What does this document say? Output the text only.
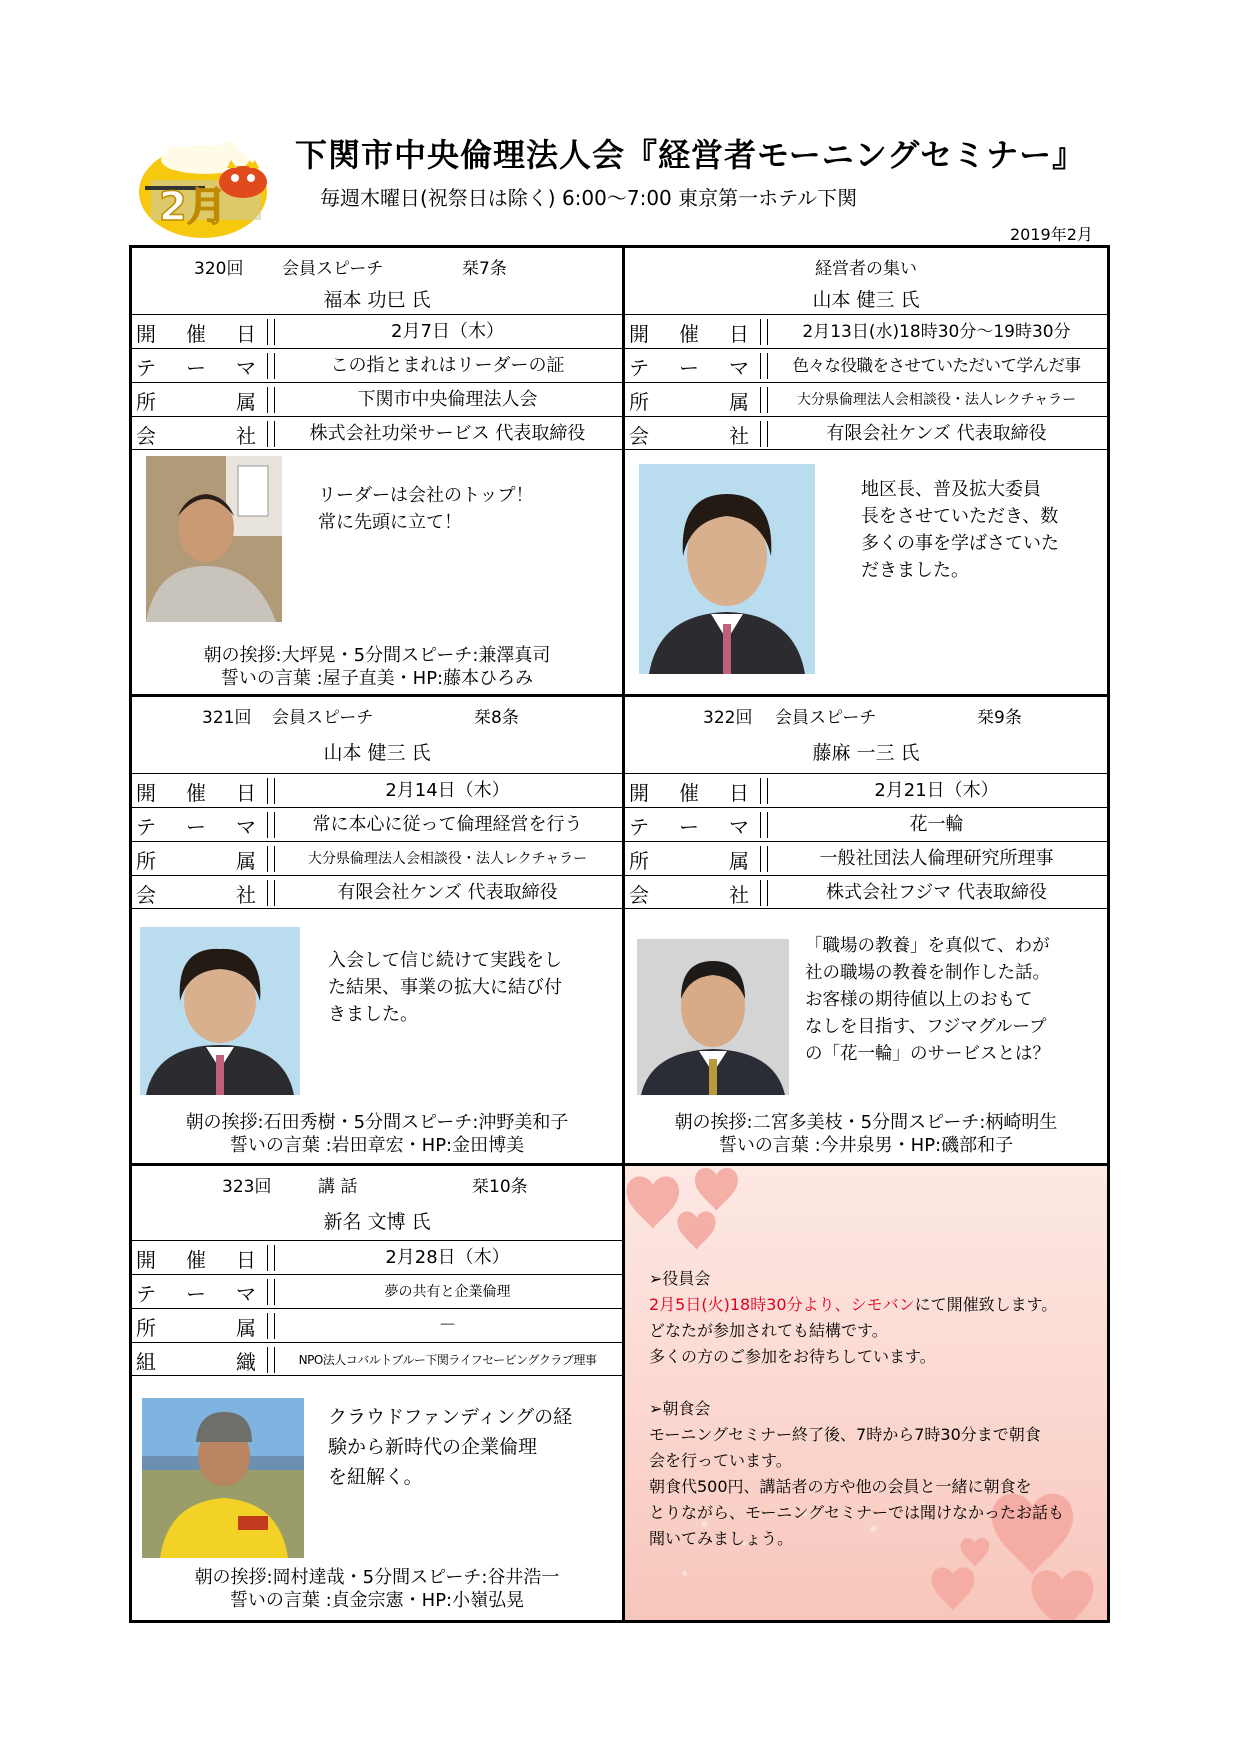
2月
下関市中央倫理法人会『経営者モーニングセミナー』
毎週木曜日(祝祭日は除く) 6:00～7:00 東京第一ホテル下関
2019年2月
320回 会員スピーチ	栞7条
福本 功巳 氏
開 催 日	2月7日（木）
テ ー マ	この指とまれはリーダーの証
所	属	下関市中央倫理法人会
会	社	株式会社功栄サービス 代表取締役
リーダーは会社のトップ！
常に先頭に立て！
朝の挨拶:大坪晃・5分間スピーチ:兼澤真司
誓いの言葉 :屋子直美・HP:藤本ひろみ
経営者の集い
山本 健三 氏
開 催 日	2月13日(水)18時30分～19時30分
テ ー マ	色々な役職をさせていただいて学んだ事
所	属	大分県倫理法人会相談役・法人レクチャラー
会	社	有限会社ケンズ 代表取締役
地区長、普及拡大委員
長をさせていただき、数
多くの事を学ばさていた
だきました。
321回 会員スピーチ	栞8条
山本 健三 氏
開 催 日	2月14日（木）
テ ー マ	常に本心に従って倫理経営を行う
所	属	大分県倫理法人会相談役・法人レクチャラー
会	社	有限会社ケンズ 代表取締役
入会して信じ続けて実践をし
た結果、事業の拡大に結び付
きました。
朝の挨拶:石田秀樹・5分間スピーチ:沖野美和子
誓いの言葉 :岩田章宏・HP:金田博美
322回 会員スピーチ	栞9条
藤麻 一三 氏
開 催 日	2月21日（木）
テ ー マ	花一輪
所	属	一般社団法人倫理研究所理事
会	社	株式会社フジマ 代表取締役
「職場の教養」を真似て、わが
社の職場の教養を制作した話。
お客様の期待値以上のおもて
なしを目指す、フジマグループ
の「花一輪」のサービスとは？
朝の挨拶:二宮多美枝・5分間スピーチ:柄崎明生
誓いの言葉 :今井泉男・HP:磯部和子
323回	講 話	栞10条
新名 文博 氏
開 催 日	2月28日（木）
テ ー マ	夢の共有と企業倫理
所	属	－
組	織	NPO法人コバルトブルー下関ライフセービングクラブ理事
クラウドファンディングの経
験から新時代の企業倫理
を紐解く。
朝の挨拶:岡村達哉・5分間スピーチ:谷井浩一
誓いの言葉 :貞金宗憲・HP:小嶺弘晃

➢役員会

2月5日(火)18時30分より、シモバンにて開催致します。

どなたが参加されても結構です。

多くの方のご参加をお待ちしています。

➢朝食会

モーニングセミナー終了後、7時から7時30分まで朝食

会を行っています。

朝食代500円、講話者の方や他の会員と一緒に朝食を

とりながら、モーニングセミナーでは聞けなかったお話も

聞いてみましょう。
